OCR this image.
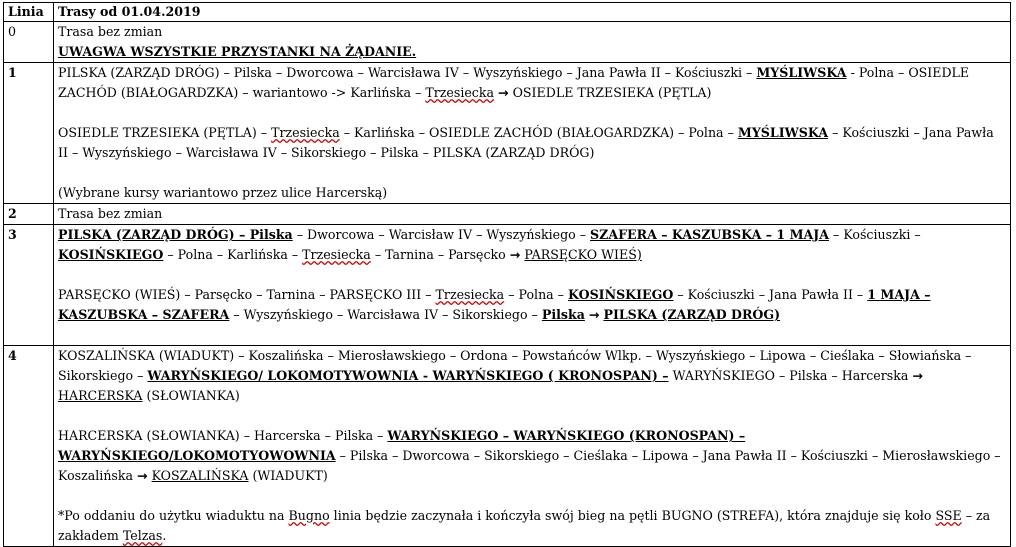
Linia	Trasy od 01.04.2019
0	Trasa bez zmian

UWAGWA WSZYSTKIE PRZYSTANKI NA ŻĄDANIE.

1	PILSKA (ZARZĄD DRÓG) – Pilska – Dworcowa – Warcisława IV – Wyszyńskiego – Jana Pawła II – Kościuszki – MYŚLIWSKA - Polna – OSIEDLE ZACHÓD (BIAŁOGARDZKA) – wariantowo -> Karlińska – Trzesiecka → OSIEDLE TRZESIEKA (PĘTLA)

OSIEDLE TRZESIEKA (PĘTLA) – Trzesiecka – Karlińska – OSIEDLE ZACHÓD (BIAŁOGARDZKA) – Polna – MYŚLIWSKA – Kościuszki – Jana Pawła II – Wyszyńskiego – Warcisława IV – Sikorskiego – Pilska – PILSKA (ZARZĄD DRÓG)

(Wybrane kursy wariantowo przez ulice Harcerską)

2	Trasa bez zmian

3	PILSKA (ZARZĄD DRÓG) – Pilska – Dworcowa – Warcisław IV – Wyszyńskiego – SZAFERA – KASZUBSKA – 1 MAJA – Kościuszki – KOSIŃSKIEGO – Polna – Karlińska – Trzesiecka – Tarnina – Parsęcko → PARSĘCKO WIEŚ)

PARSĘCKO (WIEŚ) – Parsęcko – Tarnina – PARSĘCKO III – Trzesiecka – Polna – KOSIŃSKIEGO – Kościuszki – Jana Pawła II – 1 MAJA – KASZUBSKA – SZAFERA – Wyszyńskiego – Warcisława IV – Sikorskiego – Pilska → PILSKA (ZARZĄD DRÓG)

4	KOSZALIŃSKA (WIADUKT) – Koszalińska – Mierosławskiego – Ordona – Powstańców Wlkp. – Wyszyńskiego – Lipowa – Cieślaka – Słowiańska – Sikorskiego – WARYŃSKIEGO/ LOKOMOTYWOWNIA - WARYŃSKIEGO ( KRONOSPAN) – WARYŃSKIEGO – Pilska – Harcerska → HARCERSKA (SŁOWIANKA)

HARCERSKA (SŁOWIANKA) – Harcerska – Pilska – WARYŃSKIEGO – WARYŃSKIEGO (KRONOSPAN) – WARYŃSKIEGO/LOKOMOTYOWOWNIA – Pilska – Dworcowa – Sikorskiego – Cieślaka – Lipowa – Jana Pawła II – Kościuszki – Mierosławskiego – Koszalińska → KOSZALIŃSKA (WIADUKT)

*Po oddaniu do użytku wiaduktu na Bugno linia będzie zaczynała i kończyła swój bieg na pętli BUGNO (STREFA), która znajduje się koło SSE – za zakładem Telzas.
